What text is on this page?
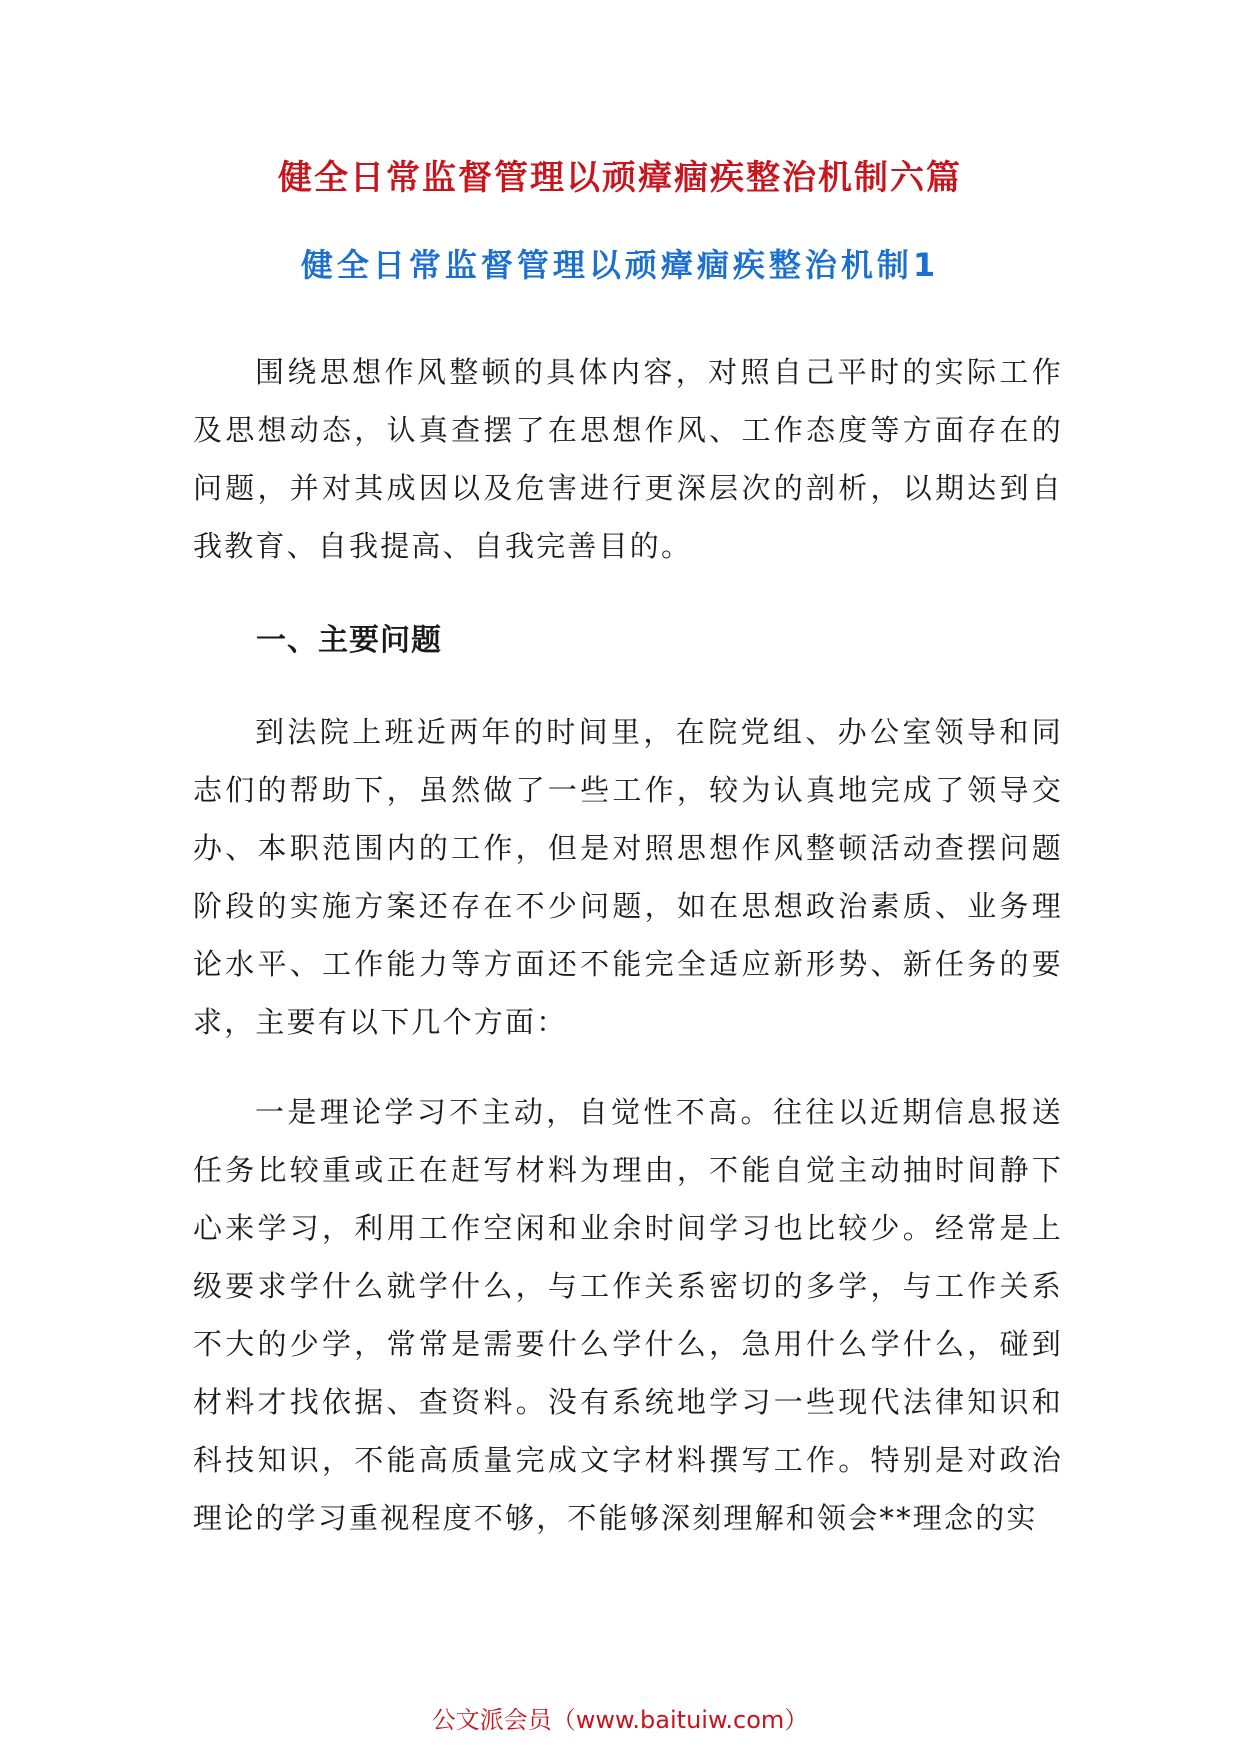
健全日常监督管理以顽瘴痼疾整治机制六篇
健全日常监督管理以顽瘴痼疾整治机制1

围绕思想作风整顿的具体内容，对照自己平时的实际工作及思想动态，认真查摆了在思想作风、工作态度等方面存在的问题，并对其成因以及危害进行更深层次的剖析，以期达到自我教育、自我提高、自我完善目的。

一、主要问题

到法院上班近两年的时间里，在院党组、办公室领导和同志们的帮助下，虽然做了一些工作，较为认真地完成了领导交办、本职范围内的工作，但是对照思想作风整顿活动查摆问题阶段的实施方案还存在不少问题，如在思想政治素质、业务理论水平、工作能力等方面还不能完全适应新形势、新任务的要求，主要有以下几个方面：

一是理论学习不主动，自觉性不高。往往以近期信息报送任务比较重或正在赶写材料为理由，不能自觉主动抽时间静下心来学习，利用工作空闲和业余时间学习也比较少。经常是上级要求学什么就学什么，与工作关系密切的多学，与工作关系不大的少学，常常是需要什么学什么，急用什么学什么，碰到材料才找依据、查资料。没有系统地学习一些现代法律知识和科技知识，不能高质量完成文字材料撰写工作。特别是对政治理论的学习重视程度不够，不能够深刻理解和领会**理念的实

公文派会员（www.baituiw.com）
